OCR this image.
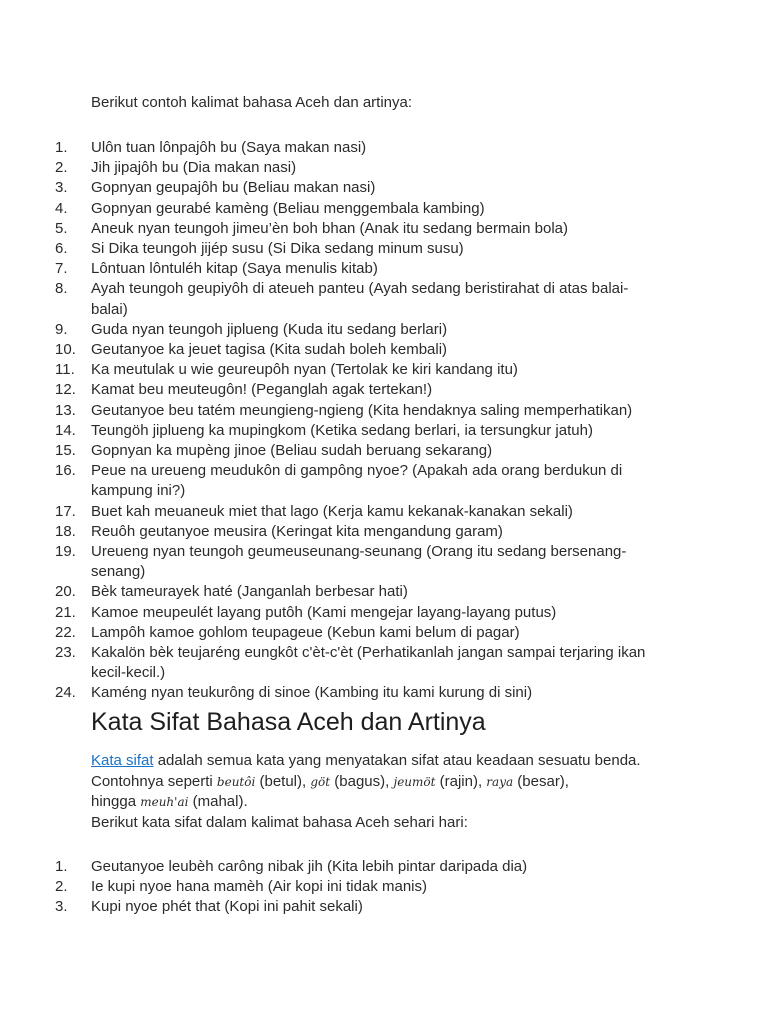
Berikut contoh kalimat bahasa Aceh dan artinya:

1.	Ulôn tuan lônpajôh bu (Saya makan nasi)
2.	Jih jipajôh bu (Dia makan nasi)
3.	Gopnyan geupajôh bu (Beliau makan nasi)
4.	Gopnyan geurabé kamèng (Beliau menggembala kambing)
5.	Aneuk nyan teungoh jimeu’èn boh bhan (Anak itu sedang bermain bola)
6.	Si Dika teungoh jijép susu (Si Dika sedang minum susu)
7.	Lôntuan lôntuléh kitap (Saya menulis kitab)
8.	Ayah teungoh geupiyôh di ateueh panteu (Ayah sedang beristirahat di atas balai-balai)
9.	Guda nyan teungoh jiplueng (Kuda itu sedang berlari)
10.	Geutanyoe ka jeuet tagisa (Kita sudah boleh kembali)
11.	Ka meutulak u wie geureupôh nyan (Tertolak ke kiri kandang itu)
12.	Kamat beu meuteugôn! (Peganglah agak tertekan!)
13.	Geutanyoe beu tatém meungieng-ngieng (Kita hendaknya saling memperhatikan)
14.	Teungöh jiplueng ka mupingkom (Ketika sedang berlari, ia tersungkur jatuh)
15.	Gopnyan ka mupèng jinoe (Beliau sudah beruang sekarang)
16.	Peue na ureueng meudukôn di gampông nyoe? (Apakah ada orang berdukun di kampung ini?)
17.	Buet kah meuaneuk miet that lago (Kerja kamu kekanak-kanakan sekali)
18.	Reuôh geutanyoe meusira (Keringat kita mengandung garam)
19.	Ureueng nyan teungoh geumeuseunang-seunang (Orang itu sedang bersenang-senang)
20.	Bèk tameurayek haté (Janganlah berbesar hati)
21.	Kamoe meupeulét layang putôh (Kami mengejar layang-layang putus)
22.	Lampôh kamoe gohlom teupageue (Kebun kami belum di pagar)
23.	Kakalön bèk teujaréng eungkôt c'èt-c'èt (Perhatikanlah jangan sampai terjaring ikan kecil-kecil.)
24.	Kaméng nyan teukurông di sinoe (Kambing itu kami kurung di sini)
Kata Sifat Bahasa Aceh dan Artinya
Kata sifat adalah semua kata yang menyatakan sifat atau keadaan sesuatu benda.
Contohnya seperti beutôi (betul), göt (bagus), jeumöt (rajin), raya (besar),
hingga meuh'ai (mahal).
Berikut kata sifat dalam kalimat bahasa Aceh sehari hari:
1.	Geutanyoe leubèh carông nibak jih (Kita lebih pintar daripada dia)
2.	Ie kupi nyoe hana mamèh (Air kopi ini tidak manis)
3.	Kupi nyoe phét that (Kopi ini pahit sekali)
